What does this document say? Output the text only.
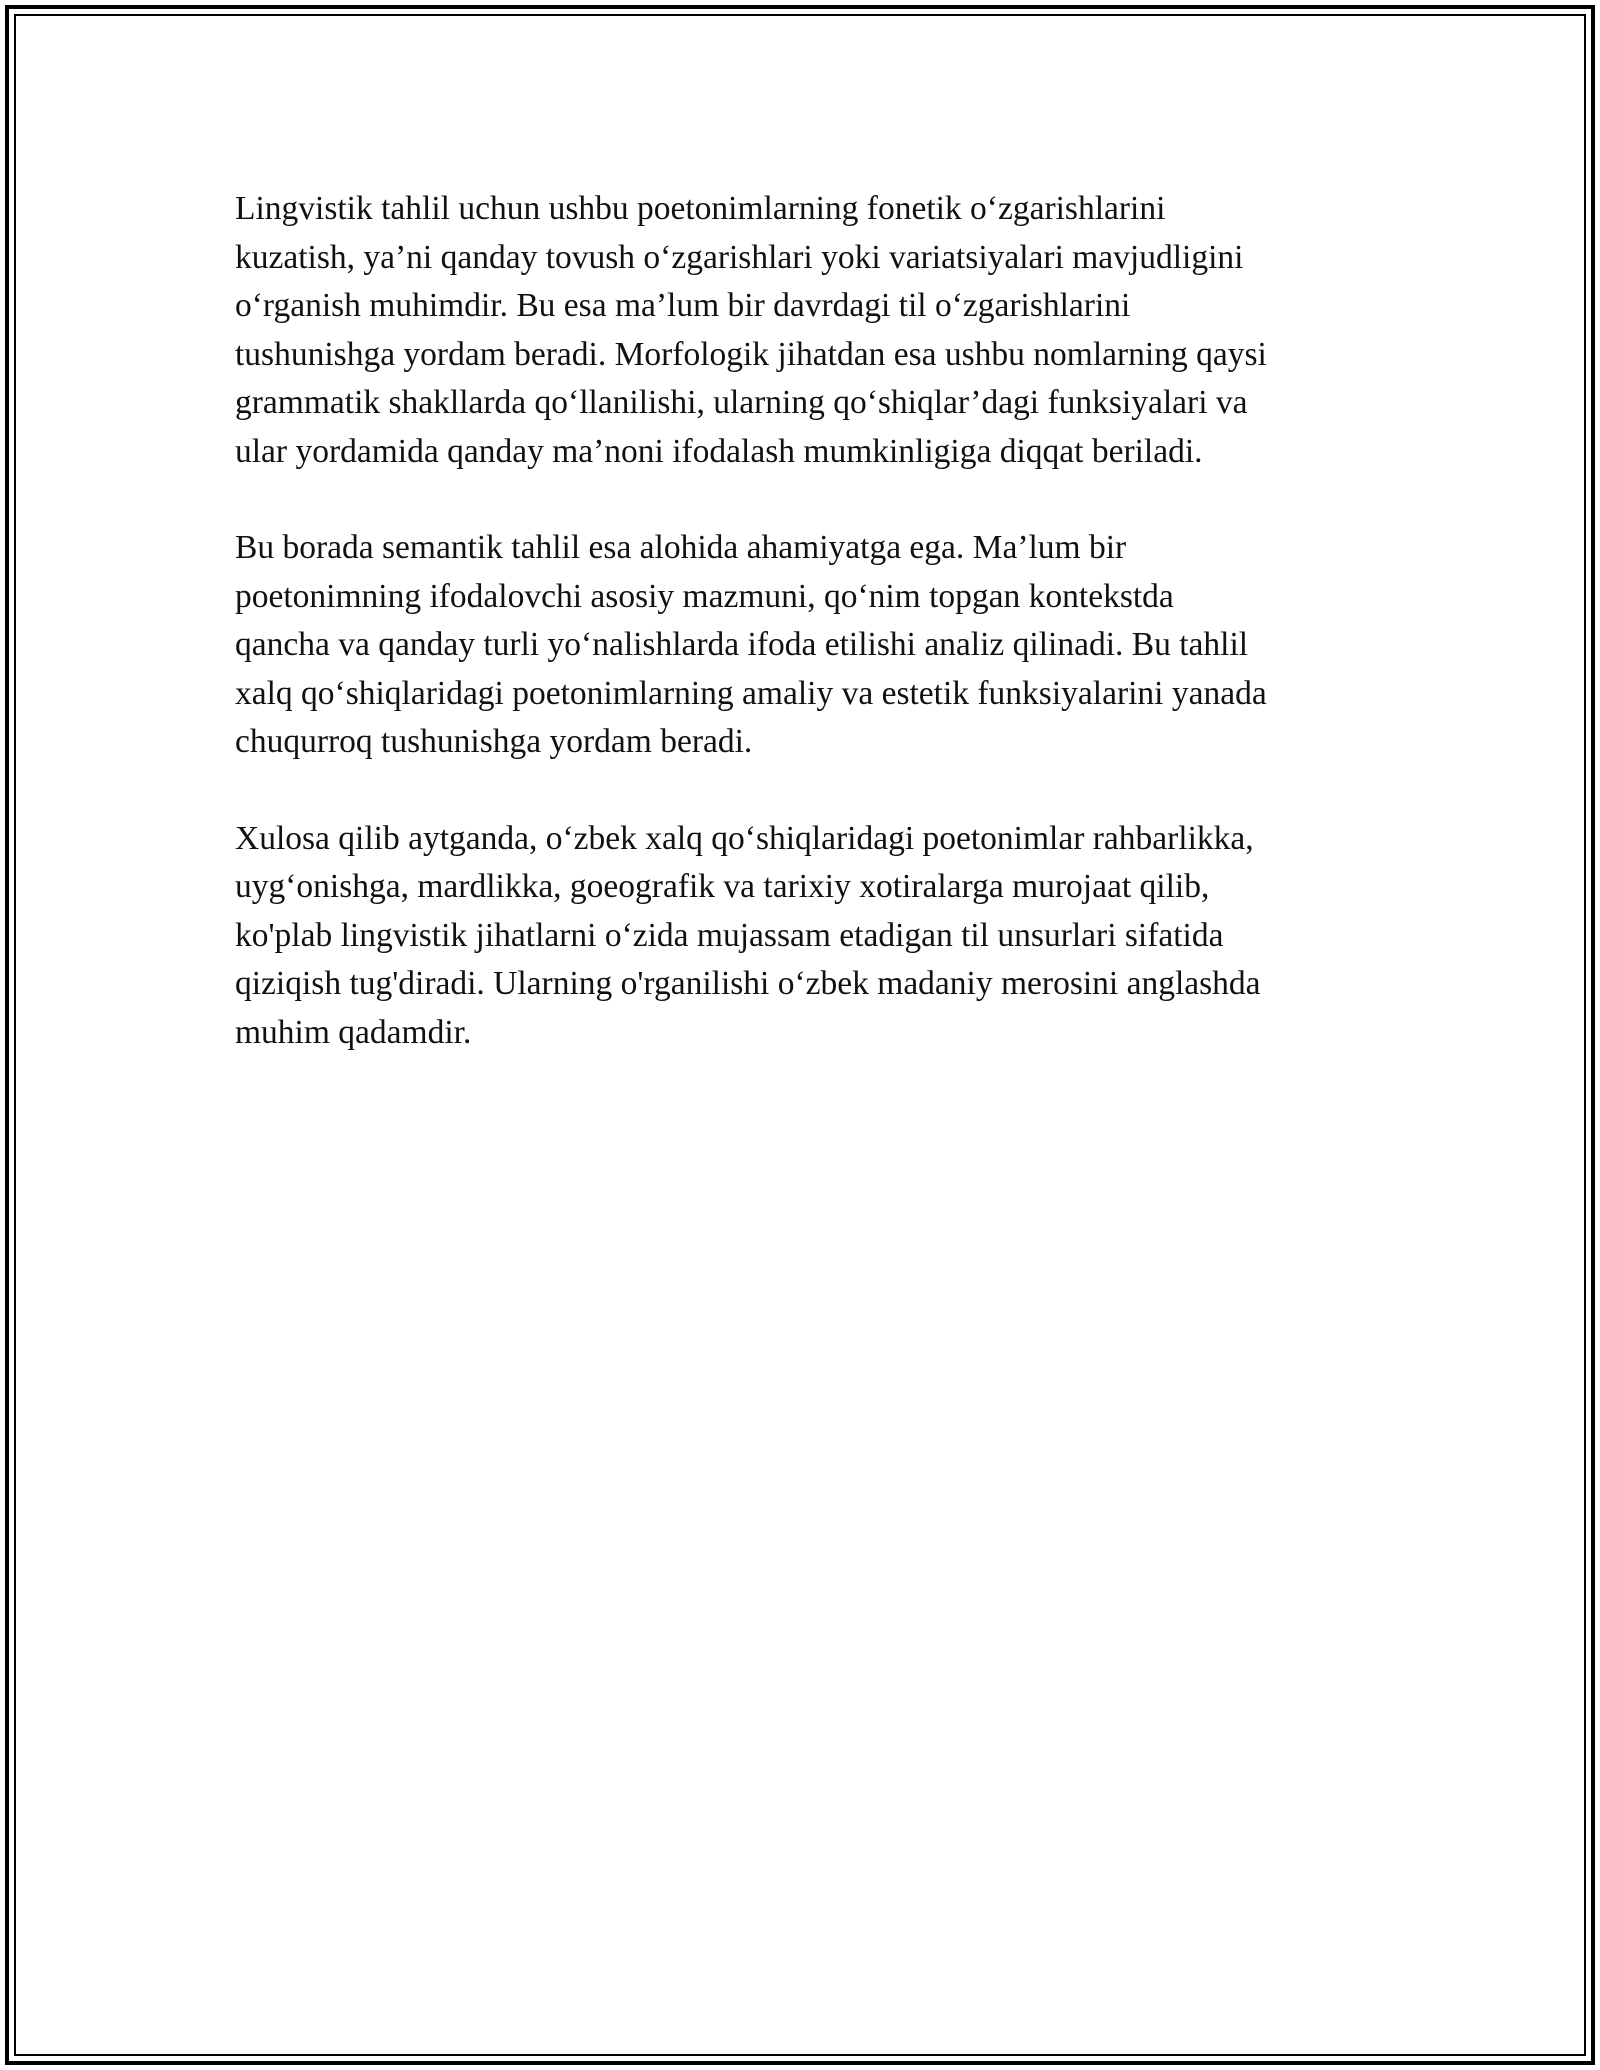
Lingvistik tahlil uchun ushbu poetonimlarning fonetik o‘zgarishlarini
kuzatish, ya’ni qanday tovush o‘zgarishlari yoki variatsiyalari mavjudligini
o‘rganish muhimdir. Bu esa ma’lum bir davrdagi til o‘zgarishlarini
tushunishga yordam beradi. Morfologik jihatdan esa ushbu nomlarning qaysi
grammatik shakllarda qo‘llanilishi, ularning qo‘shiqlar’dagi funksiyalari va
ular yordamida qanday ma’noni ifodalash mumkinligiga diqqat beriladi.

Bu borada semantik tahlil esa alohida ahamiyatga ega. Ma’lum bir
poetonimning ifodalovchi asosiy mazmuni, qo‘nim topgan kontekstda
qancha va qanday turli yo‘nalishlarda ifoda etilishi analiz qilinadi. Bu tahlil
xalq qo‘shiqlaridagi poetonimlarning amaliy va estetik funksiyalarini yanada
chuqurroq tushunishga yordam beradi.

Xulosa qilib aytganda, o‘zbek xalq qo‘shiqlaridagi poetonimlar rahbarlikka,
uyg‘onishga, mardlikka, goeografik va tarixiy xotiralarga murojaat qilib,
ko'plab lingvistik jihatlarni o‘zida mujassam etadigan til unsurlari sifatida
qiziqish tug'diradi. Ularning o'rganilishi o‘zbek madaniy merosini anglashda
muhim qadamdir.
